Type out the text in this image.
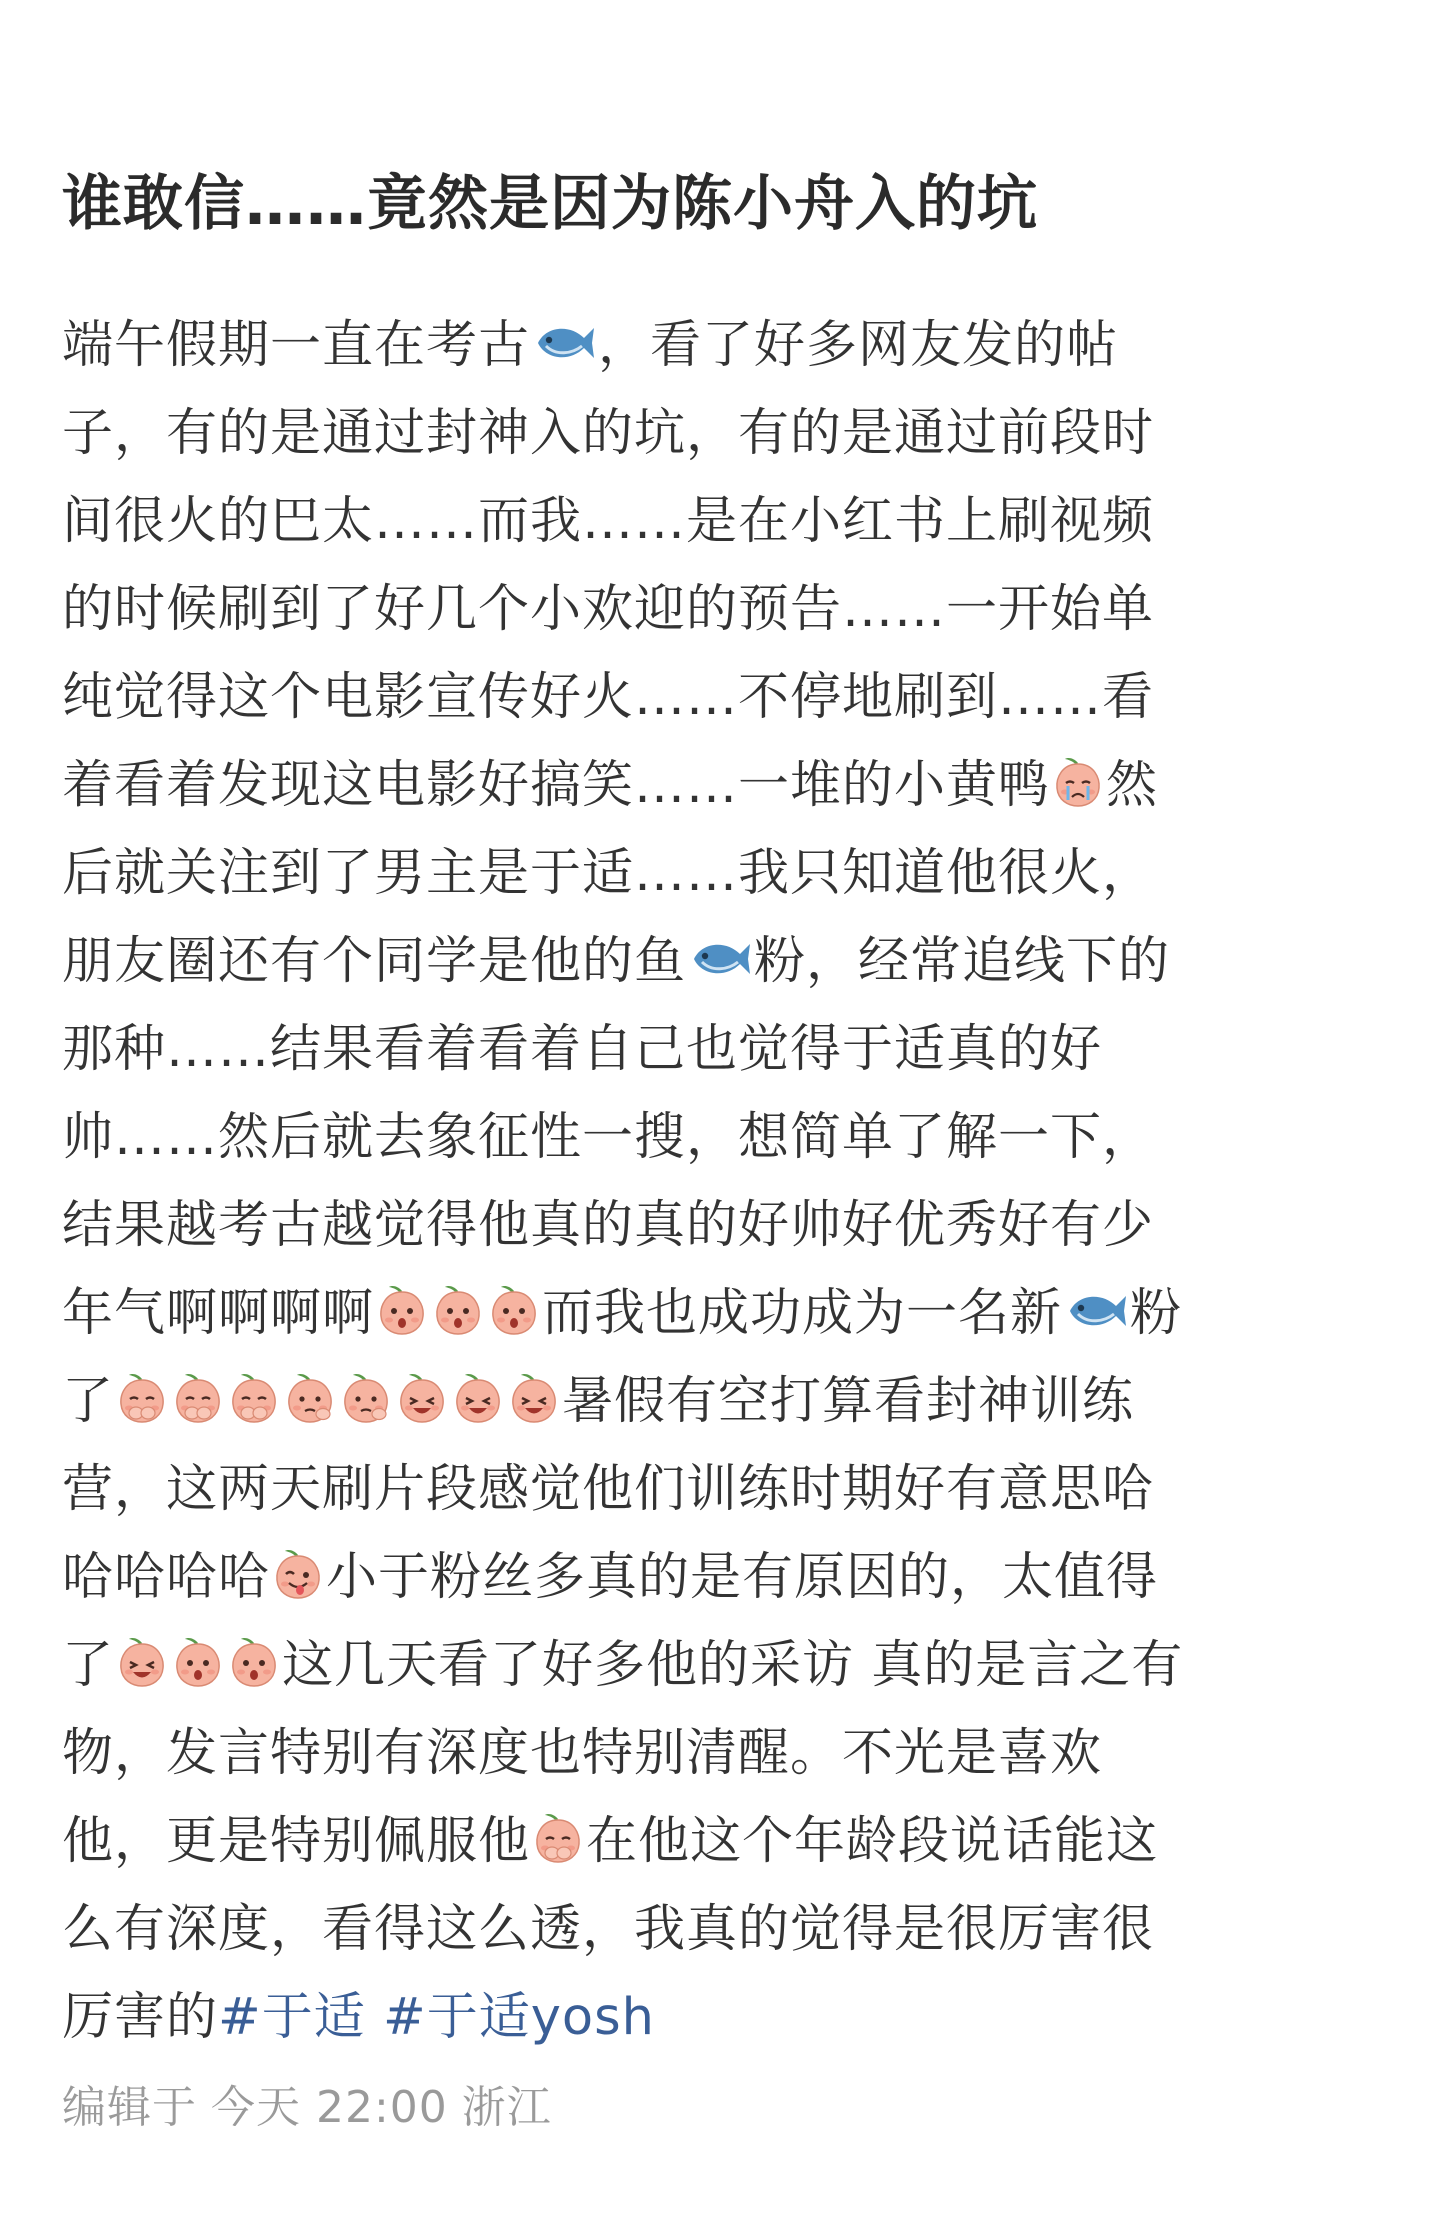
谁敢信……竟然是因为陈小舟入的坑
端午假期一直在考古 ，看了好多网友发的帖
子，有的是通过封神入的坑，有的是通过前段时
间很火的巴太……而我……是在小红书上刷视频
的时候刷到了好几个小欢迎的预告……一开始单
纯觉得这个电影宣传好火……不停地刷到……看
着看着发现这电影好搞笑……一堆的小黄鸭 然
后就关注到了男主是于适……我只知道他很火，
朋友圈还有个同学是他的鱼 粉，经常追线下的
那种……结果看着看着自己也觉得于适真的好
帅……然后就去象征性一搜，想简单了解一下，
结果越考古越觉得他真的真的好帅好优秀好有少
年气啊啊啊啊	而我也成功成为一名新 粉
了	暑假有空打算看封神训练
营，这两天刷片段感觉他们训练时期好有意思哈
哈哈哈哈 小于粉丝多真的是有原因的，太值得
了	这几天看了好多他的采访 真的是言之有
物，发言特别有深度也特别清醒。不光是喜欢
他，更是特别佩服他 在他这个年龄段说话能这
么有深度，看得这么透，我真的觉得是很厉害很
厉害的#于适 #于适yosh
编辑于 今天 22:00 浙江
